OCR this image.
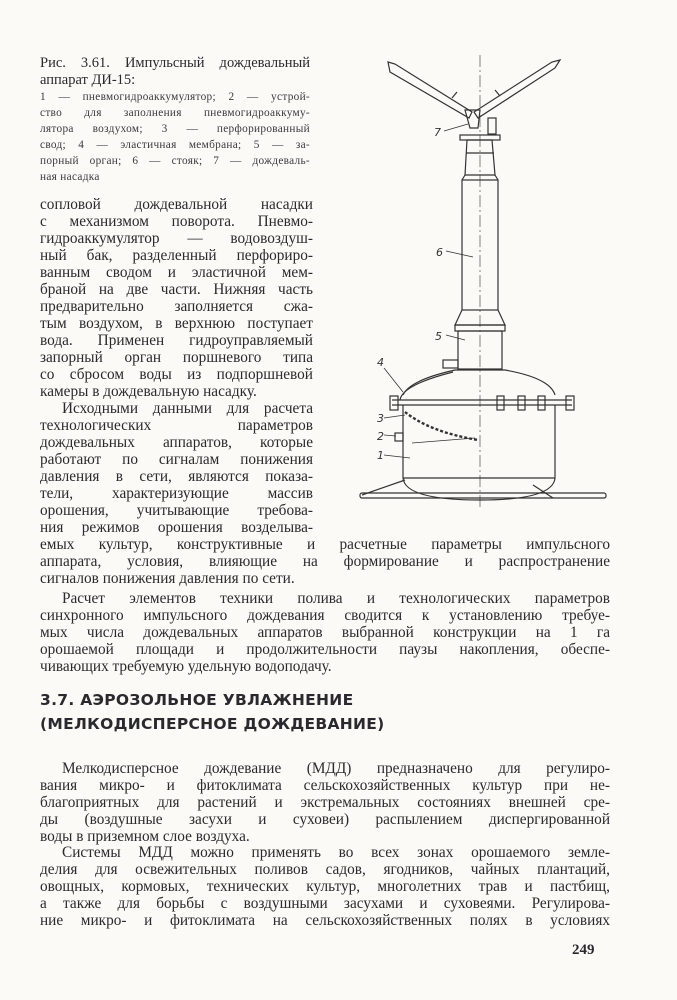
Рис. 3.61. Импульсный дождевальный
аппарат ДИ-15:
1 — пневмогидроаккумулятор; 2 — устрой-
ство для заполнения пневмогидроаккуму-
лятора воздухом; 3 — перфорированный
свод; 4 — эластичная мембрана; 5 — за-
порный орган; 6 — стояк; 7 — дождеваль-
ная насадка
7
6
5
4
3
2
1
сопловой дождевальной насадки
с механизмом поворота. Пневмо-
гидроаккумулятор — водовоздуш-
ный бак, разделенный перфориро-
ванным сводом и эластичной мем-
браной на две части. Нижняя часть
предварительно заполняется сжа-
тым воздухом, в верхнюю поступает
вода. Применен гидроуправляемый
запорный орган поршневого типа
со сбросом воды из подпоршневой
камеры в дождевальную насадку.
Исходными данными для расчета
технологических параметров
дождевальных аппаратов, которые
работают по сигналам понижения
давления в сети, являются показа-
тели, характеризующие массив
орошения, учитывающие требова-
ния режимов орошения возделыва-
емых культур, конструктивные и расчетные параметры импульсного
аппарата, условия, влияющие на формирование и распространение
сигналов понижения давления по сети.
Расчет элементов техники полива и технологических параметров
синхронного импульсного дождевания сводится к установлению требуе-
мых числа дождевальных аппаратов выбранной конструкции на 1 га
орошаемой площади и продолжительности паузы накопления, обеспе-
чивающих требуемую удельную водоподачу.
3.7. АЭРОЗОЛЬНОЕ УВЛАЖНЕНИЕ
(МЕЛКОДИСПЕРСНОЕ ДОЖДЕВАНИЕ)
Мелкодисперсное дождевание (МДД) предназначено для регулиро-
вания микро- и фитоклимата сельскохозяйственных культур при не-
благоприятных для растений и экстремальных состояниях внешней сре-
ды (воздушные засухи и суховеи) распылением диспергированной
воды в приземном слое воздуха.
Системы МДД можно применять во всех зонах орошаемого земле-
делия для освежительных поливов садов, ягодников, чайных плантаций,
овощных, кормовых, технических культур, многолетних трав и пастбищ,
а также для борьбы с воздушными засухами и суховеями. Регулирова-
ние микро- и фитоклимата на сельскохозяйственных полях в условиях
249
